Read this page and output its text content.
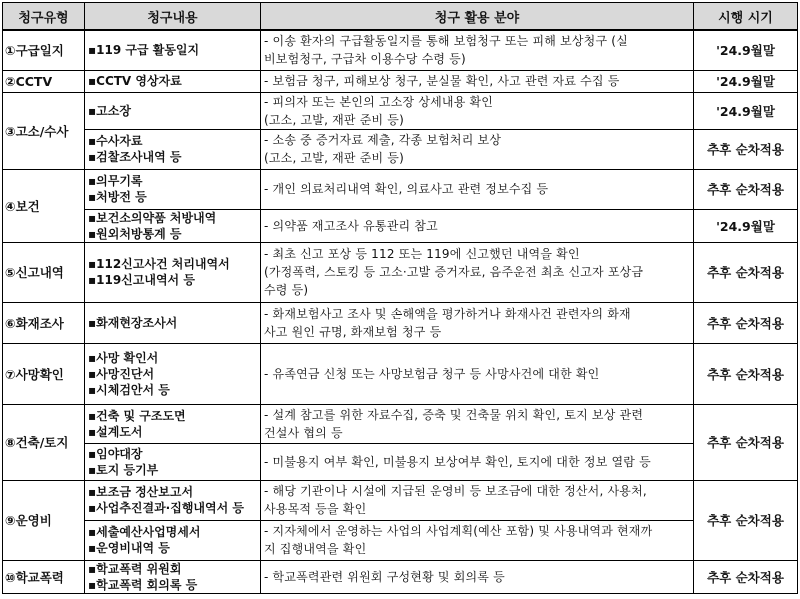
청구유형	청구내용	청구 활용 분야	시행 시기
①구급일지	▪119 구급 활동일지	- 이송 환자의 구급활동일지를 통해 보험청구 또는 피해 보상청구 (실
비보험청구, 구급차 이용수당 수령 등)	'24.9월말
②CCTV	▪CCTV 영상자료	- 보험금 청구, 피해보상 청구, 분실물 확인, 사고 관련 자료 수집 등	'24.9월말
③고소/수사	▪고소장	- 피의자 또는 본인의 고소장 상세내용 확인
(고소, 고발, 재판 준비 등)	'24.9월말

	▪수사자료
▪검찰조사내역 등	- 소송 중 증거자료 제출, 각종 보험처리 보상
(고소, 고발, 재판 준비 등)	추후 순차적용
④보건	▪의무기록
▪처방전 등	- 개인 의료처리내역 확인, 의료사고 관련 정보수집 등	추후 순차적용

	▪보건소의약품 처방내역
▪원외처방통계 등	- 의약품 재고조사 유통관리 참고	'24.9월말
⑤신고내역	▪112신고사건 처리내역서
▪119신고내역서 등	- 최초 신고 포상 등 112 또는 119에 신고했던 내역을 확인
(가정폭력, 스토킹 등 고소·고발 증거자료, 음주운전 최초 신고자 포상금
수령 등)	추후 순차적용
⑥화재조사	▪화재현장조사서	- 화재보험사고 조사 및 손해액을 평가하거나 화재사건 관련자의 화재
사고 원인 규명, 화재보험 청구 등	추후 순차적용
⑦사망확인	▪사망 확인서
▪사망진단서
▪시체검안서 등	- 유족연금 신청 또는 사망보험금 청구 등 사망사건에 대한 확인	추후 순차적용
⑧건축/토지	▪건축 및 구조도면
▪설계도서	- 설계 참고를 위한 자료수집, 증축 및 건축물 위치 확인, 토지 보상 관련
건설사 협의 등	추후 순차적용

	▪임야대장
▪토지 등기부	- 미불용지 여부 확인, 미불용지 보상여부 확인, 토지에 대한 정보 열람 등	

⑨운영비	▪보조금 정산보고서
▪사업추진결과·집행내역서 등	- 해당 기관이나 시설에 지급된 운영비 등 보조금에 대한 정산서, 사용처,
사용목적 등을 확인	추후 순차적용

	▪세출예산사업명세서
▪운영비내역 등	- 지자체에서 운영하는 사업의 사업계획(예산 포함) 및 사용내역과 현재까
지 집행내역을 확인	

⑩학교폭력	▪학교폭력 위원회
▪학교폭력 회의록 등	- 학교폭력관련 위원회 구성현황 및 회의록 등	추후 순차적용
